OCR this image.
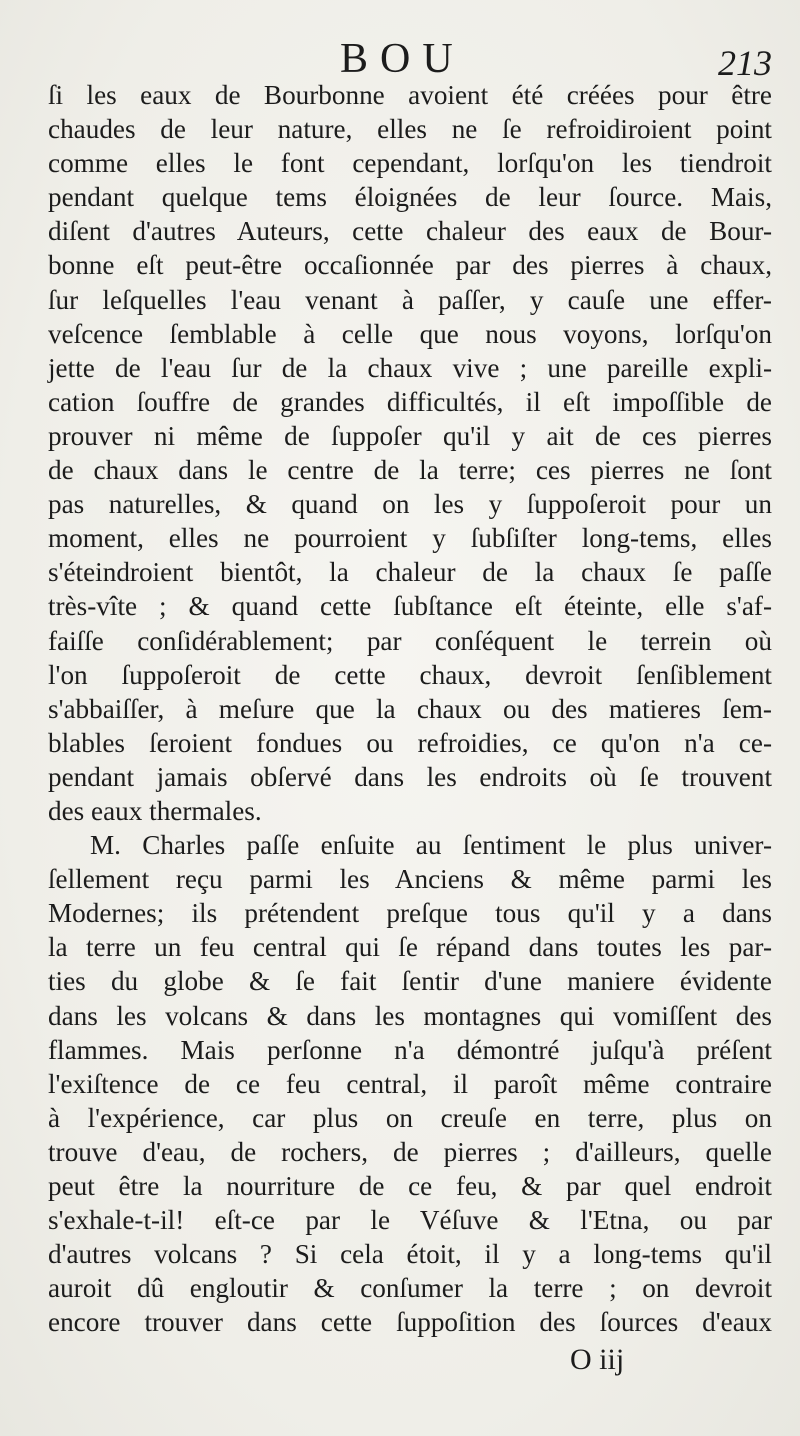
BOU	213
ſi les eaux de Bourbonne avoient été créées pour être
chaudes de leur nature, elles ne ſe refroidiroient point
comme elles le font cependant, lorſqu'on les tiendroit
pendant quelque tems éloignées de leur ſource. Mais,
diſent d'autres Auteurs, cette chaleur des eaux de Bour-
bonne eſt peut-être occaſionnée par des pierres à chaux,
ſur leſquelles l'eau venant à paſſer, y cauſe une effer-
veſcence ſemblable à celle que nous voyons, lorſqu'on
jette de l'eau ſur de la chaux vive ; une pareille expli-
cation ſouffre de grandes difficultés, il eſt impoſſible de
prouver ni même de ſuppoſer qu'il y ait de ces pierres
de chaux dans le centre de la terre; ces pierres ne ſont
pas naturelles, & quand on les y ſuppoſeroit pour un
moment, elles ne pourroient y ſubſiſter long-tems, elles
s'éteindroient bientôt, la chaleur de la chaux ſe paſſe
très-vîte ; & quand cette ſubſtance eſt éteinte, elle s'af-
faiſſe conſidérablement; par conſéquent le terrein où
l'on ſuppoſeroit de cette chaux, devroit ſenſiblement
s'abbaiſſer, à meſure que la chaux ou des matieres ſem-
blables ſeroient fondues ou refroidies, ce qu'on n'a ce-
pendant jamais obſervé dans les endroits où ſe trouvent
des eaux thermales.
M. Charles paſſe enſuite au ſentiment le plus univer-
ſellement reçu parmi les Anciens & même parmi les
Modernes; ils prétendent preſque tous qu'il y a dans
la terre un feu central qui ſe répand dans toutes les par-
ties du globe & ſe fait ſentir d'une maniere évidente
dans les volcans & dans les montagnes qui vomiſſent des
flammes. Mais perſonne n'a démontré juſqu'à préſent
l'exiſtence de ce feu central, il paroît même contraire
à l'expérience, car plus on creuſe en terre, plus on
trouve d'eau, de rochers, de pierres ; d'ailleurs, quelle
peut être la nourriture de ce feu, & par quel endroit
s'exhale-t-il! eſt-ce par le Véſuve & l'Etna, ou par
d'autres volcans ? Si cela étoit, il y a long-tems qu'il
auroit dû engloutir & conſumer la terre ; on devroit
encore trouver dans cette ſuppoſition des ſources d'eaux
O iij
